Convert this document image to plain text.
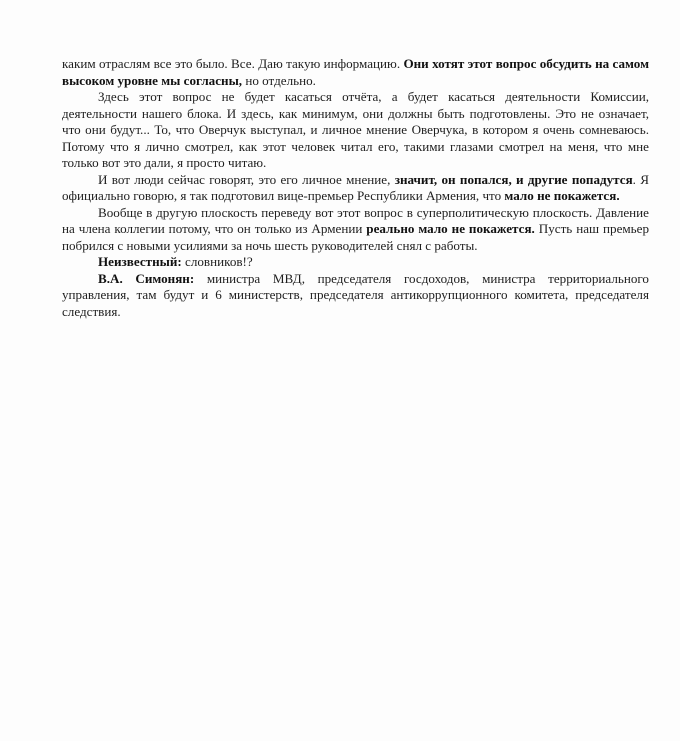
каким отраслям все это было. Все. Даю такую информацию. Они хотят этот вопрос обсудить на самом высоком уровне мы согласны, но отдельно.

Здесь этот вопрос не будет касаться отчёта, а будет касаться деятельности Комиссии, деятельности нашего блока. И здесь, как минимум, они должны быть подготовлены. Это не означает, что они будут... То, что Оверчук выступал, и личное мнение Оверчука, в котором я очень сомневаюсь. Потому что я лично смотрел, как этот человек читал его, такими глазами смотрел на меня, что мне только вот это дали, я просто читаю.

И вот люди сейчас говорят, это его личное мнение, значит, он попался, и другие попадутся. Я официально говорю, я так подготовил вице-премьер Республики Армения, что мало не покажется.

Вообще в другую плоскость переведу вот этот вопрос в суперполитическую плоскость. Давление на члена коллегии потому, что он только из Армении реально мало не покажется. Пусть наш премьер побрился с новыми усилиями за ночь шесть руководителей снял с работы.

Неизвестный: словников!?

В.А. Симонян: министра МВД, председателя госдоходов, министра территориального управления, там будут и 6 министерств, председателя антикоррупционного комитета, председателя следствия.
